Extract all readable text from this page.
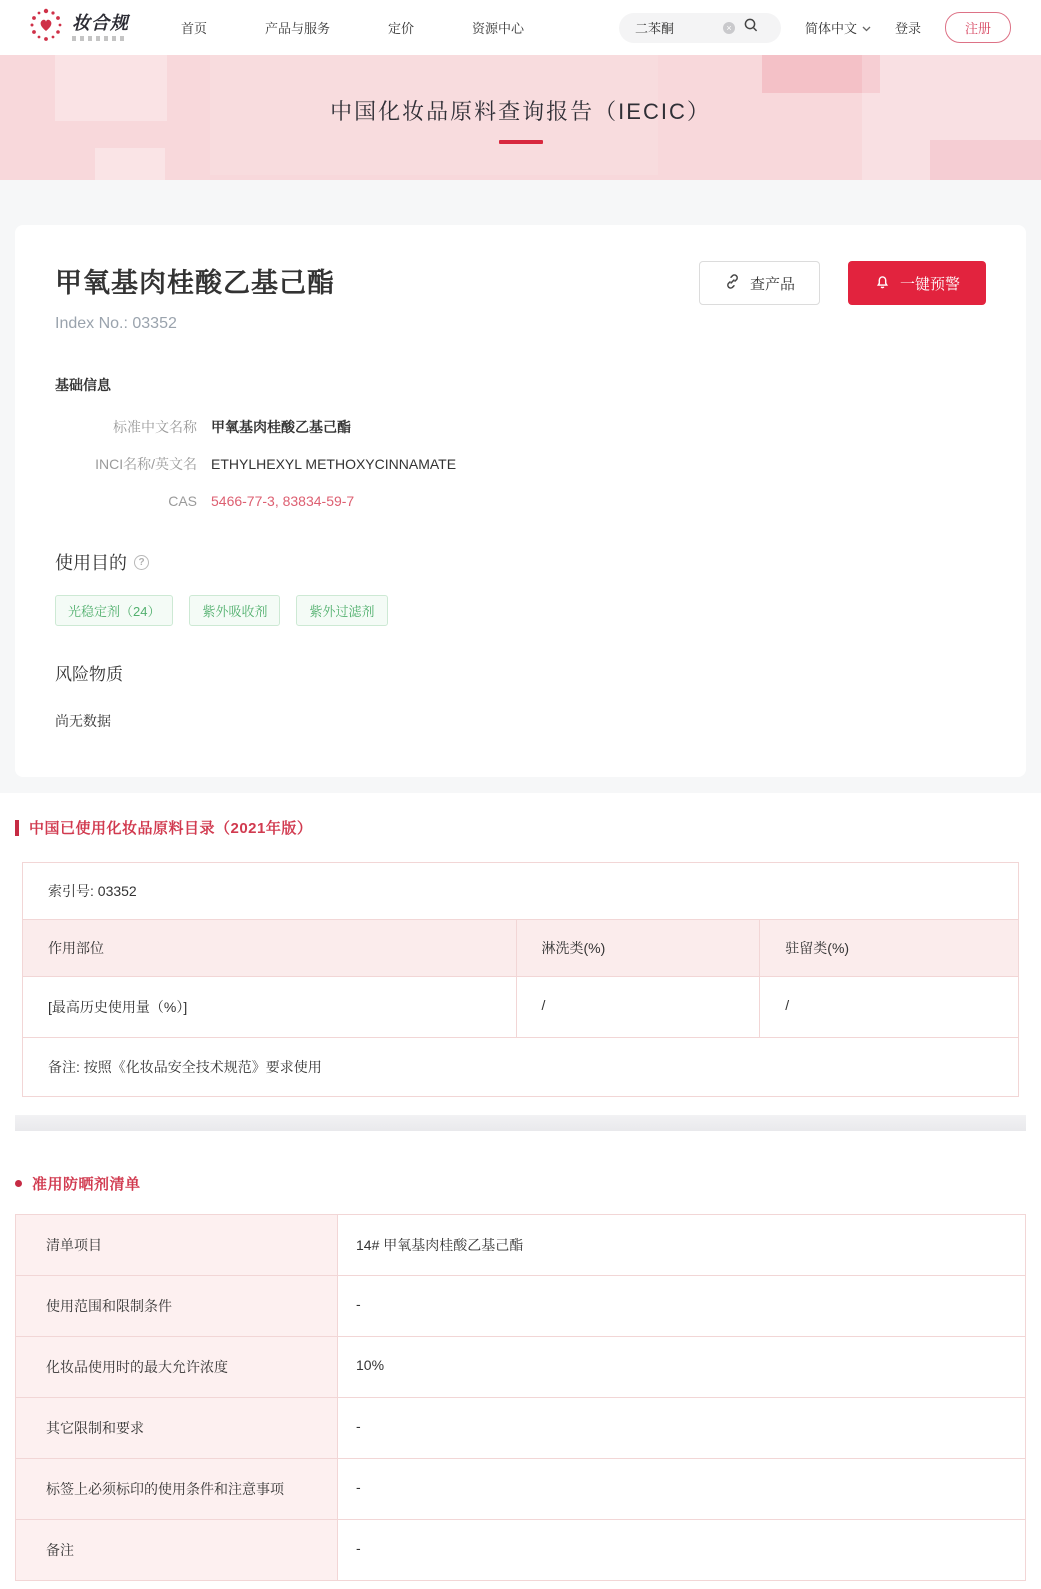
妆合规	首页	产品与服务	定价	资源中心
二苯酮	×	简体中文	登录	注册
中国化妆品原料查询报告（IECIC）
甲氧基肉桂酸乙基己酯	查产品	一键预警
Index No.: 03352
基础信息
标准中文名称 甲氧基肉桂酸乙基己酯
INCI名称/英文名 ETHYLHEXYL METHOXYCINNAMATE
CAS 5466-77-3, 83834-59-7
使用目的	?
光稳定剂（24）	紫外吸收剂	紫外过滤剂
风险物质
尚无数据
中国已使用化妆品原料目录（2021年版）
索引号: 03352
作用部位	淋洗类(%)	驻留类(%)
[最高历史使用量（%）]	/	/
备注: 按照《化妆品安全技术规范》要求使用
准用防晒剂清单
清单项目	14# 甲氧基肉桂酸乙基己酯
使用范围和限制条件	-
化妆品使用时的最大允许浓度	10%
其它限制和要求	-
标签上必须标印的使用条件和注意事项	-
备注	-
